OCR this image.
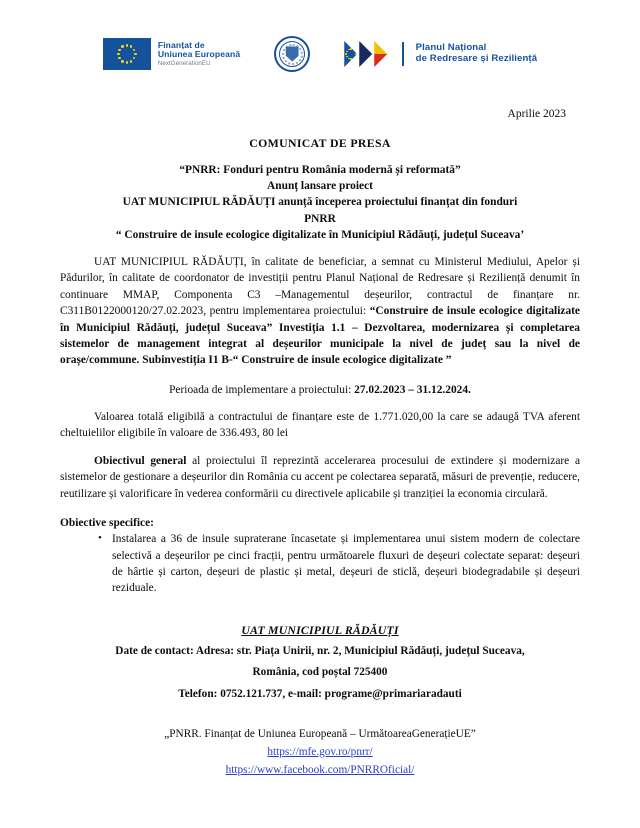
Finanțat de
Uniunea Europeană
NextGenerationEU
Planul Național
de Redresare și Reziliență
Aprilie 2023
COMUNICAT DE PRESA
“PNRR: Fonduri pentru România modernă și reformată”
Anunț lansare proiect
UAT MUNICIPIUL RĂDĂUȚI anunță începerea proiectului finanțat din fonduri
PNRR
“ Construire de insule ecologice digitalizate în Municipiul Rădăuți, județul Suceava’

UAT MUNICIPIUL RĂDĂUȚI, în calitate de beneficiar, a semnat cu Ministerul Mediului, Apelor și Pădurilor, în calitate de coordonator de investiții pentru Planul Național de Redresare și Reziliență denumit în continuare MMAP, Componenta C3 –Managementul deșeurilor, contractul de finanțare nr. C311B0122000120/27.02.2023, pentru implementarea proiectului: “Construire de insule ecologice digitalizate în Municipiul Rădăuți, județul Suceava” Investiția 1.1 – Dezvoltarea, modernizarea și completarea sistemelor de management integrat al deșeurilor municipale la nivel de județ sau la nivel de orașe/commune. Subinvestiția I1 B-“ Construire de insule ecologice digitalizate ”

Perioada de implementare a proiectului: 27.02.2023 – 31.12.2024.
Valoarea totală eligibilă a contractului de finanțare este de 1.771.020,00 la care se adaugă TVA aferent cheltuielilor eligibile în valoare de 336.493, 80 lei

Obiectivul general al proiectului îl reprezintă accelerarea procesului de extindere și modernizare a sistemelor de gestionare a deșeurilor din România cu accent pe colectarea separată, măsuri de prevenție, reducere, reutilizare și valorificare în vederea conformării cu directivele aplicabile și tranziției la economia circulară.

Obiective specifice:
• Instalarea a 36 de insule supraterane încasetate și implementarea unui sistem modern de colectare selectivă a deșeurilor pe cinci fracții, pentru următoarele fluxuri de deșeuri colectate separat: deșeuri de hârtie și carton, deșeuri de plastic și metal, deșeuri de sticlă, deșeuri biodegradabile și deșeuri reziduale.
UAT MUNICIPIUL RĂDĂUȚI
Date de contact: Adresa: str. Piața Unirii, nr. 2, Municipiul Rădăuți, județul Suceava,
România, cod poștal 725400
Telefon: 0752.121.737, e-mail: programe@primariaradauti
„PNRR. Finanțat de Uniunea Europeană – UrmătoareaGenerațieUE”
https://mfe.gov.ro/pnrr/
https://www.facebook.com/PNRROficial/
